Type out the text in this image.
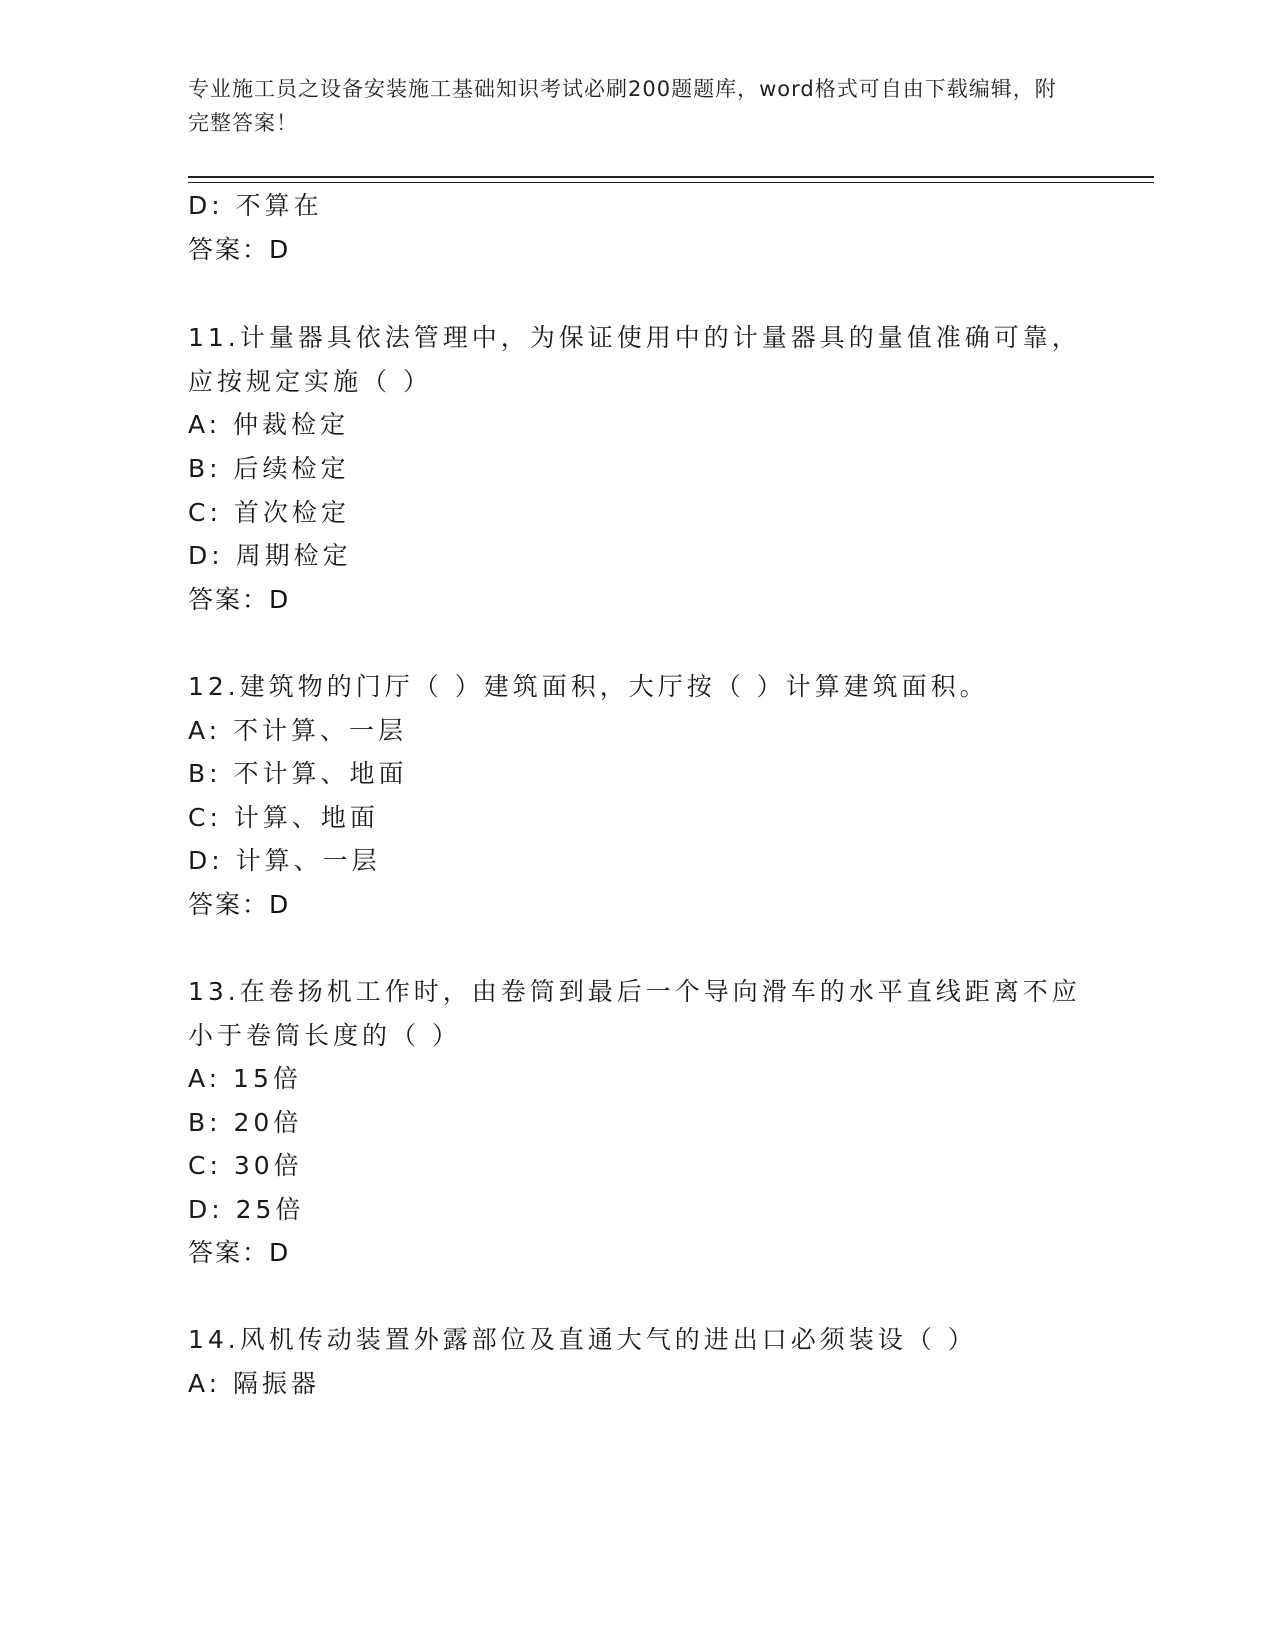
专业施工员之设备安装施工基础知识考试必刷200题题库，word格式可自由下载编辑，附完整答案！
D: 不算在
答案：D
11.计量器具依法管理中，为保证使用中的计量器具的量值准确可靠，
应按规定实施（ ）
A: 仲裁检定
B: 后续检定
C: 首次检定
D: 周期检定
答案：D
12.建筑物的门厅（ ）建筑面积，大厅按（ ）计算建筑面积。
A: 不计算、一层
B: 不计算、地面
C: 计算、地面
D: 计算、一层
答案：D
13.在卷扬机工作时，由卷筒到最后一个导向滑车的水平直线距离不应
小于卷筒长度的（ ）
A: 15倍
B: 20倍
C: 30倍
D: 25倍
答案：D
14.风机传动装置外露部位及直通大气的进出口必须装设（ ）
A: 隔振器
